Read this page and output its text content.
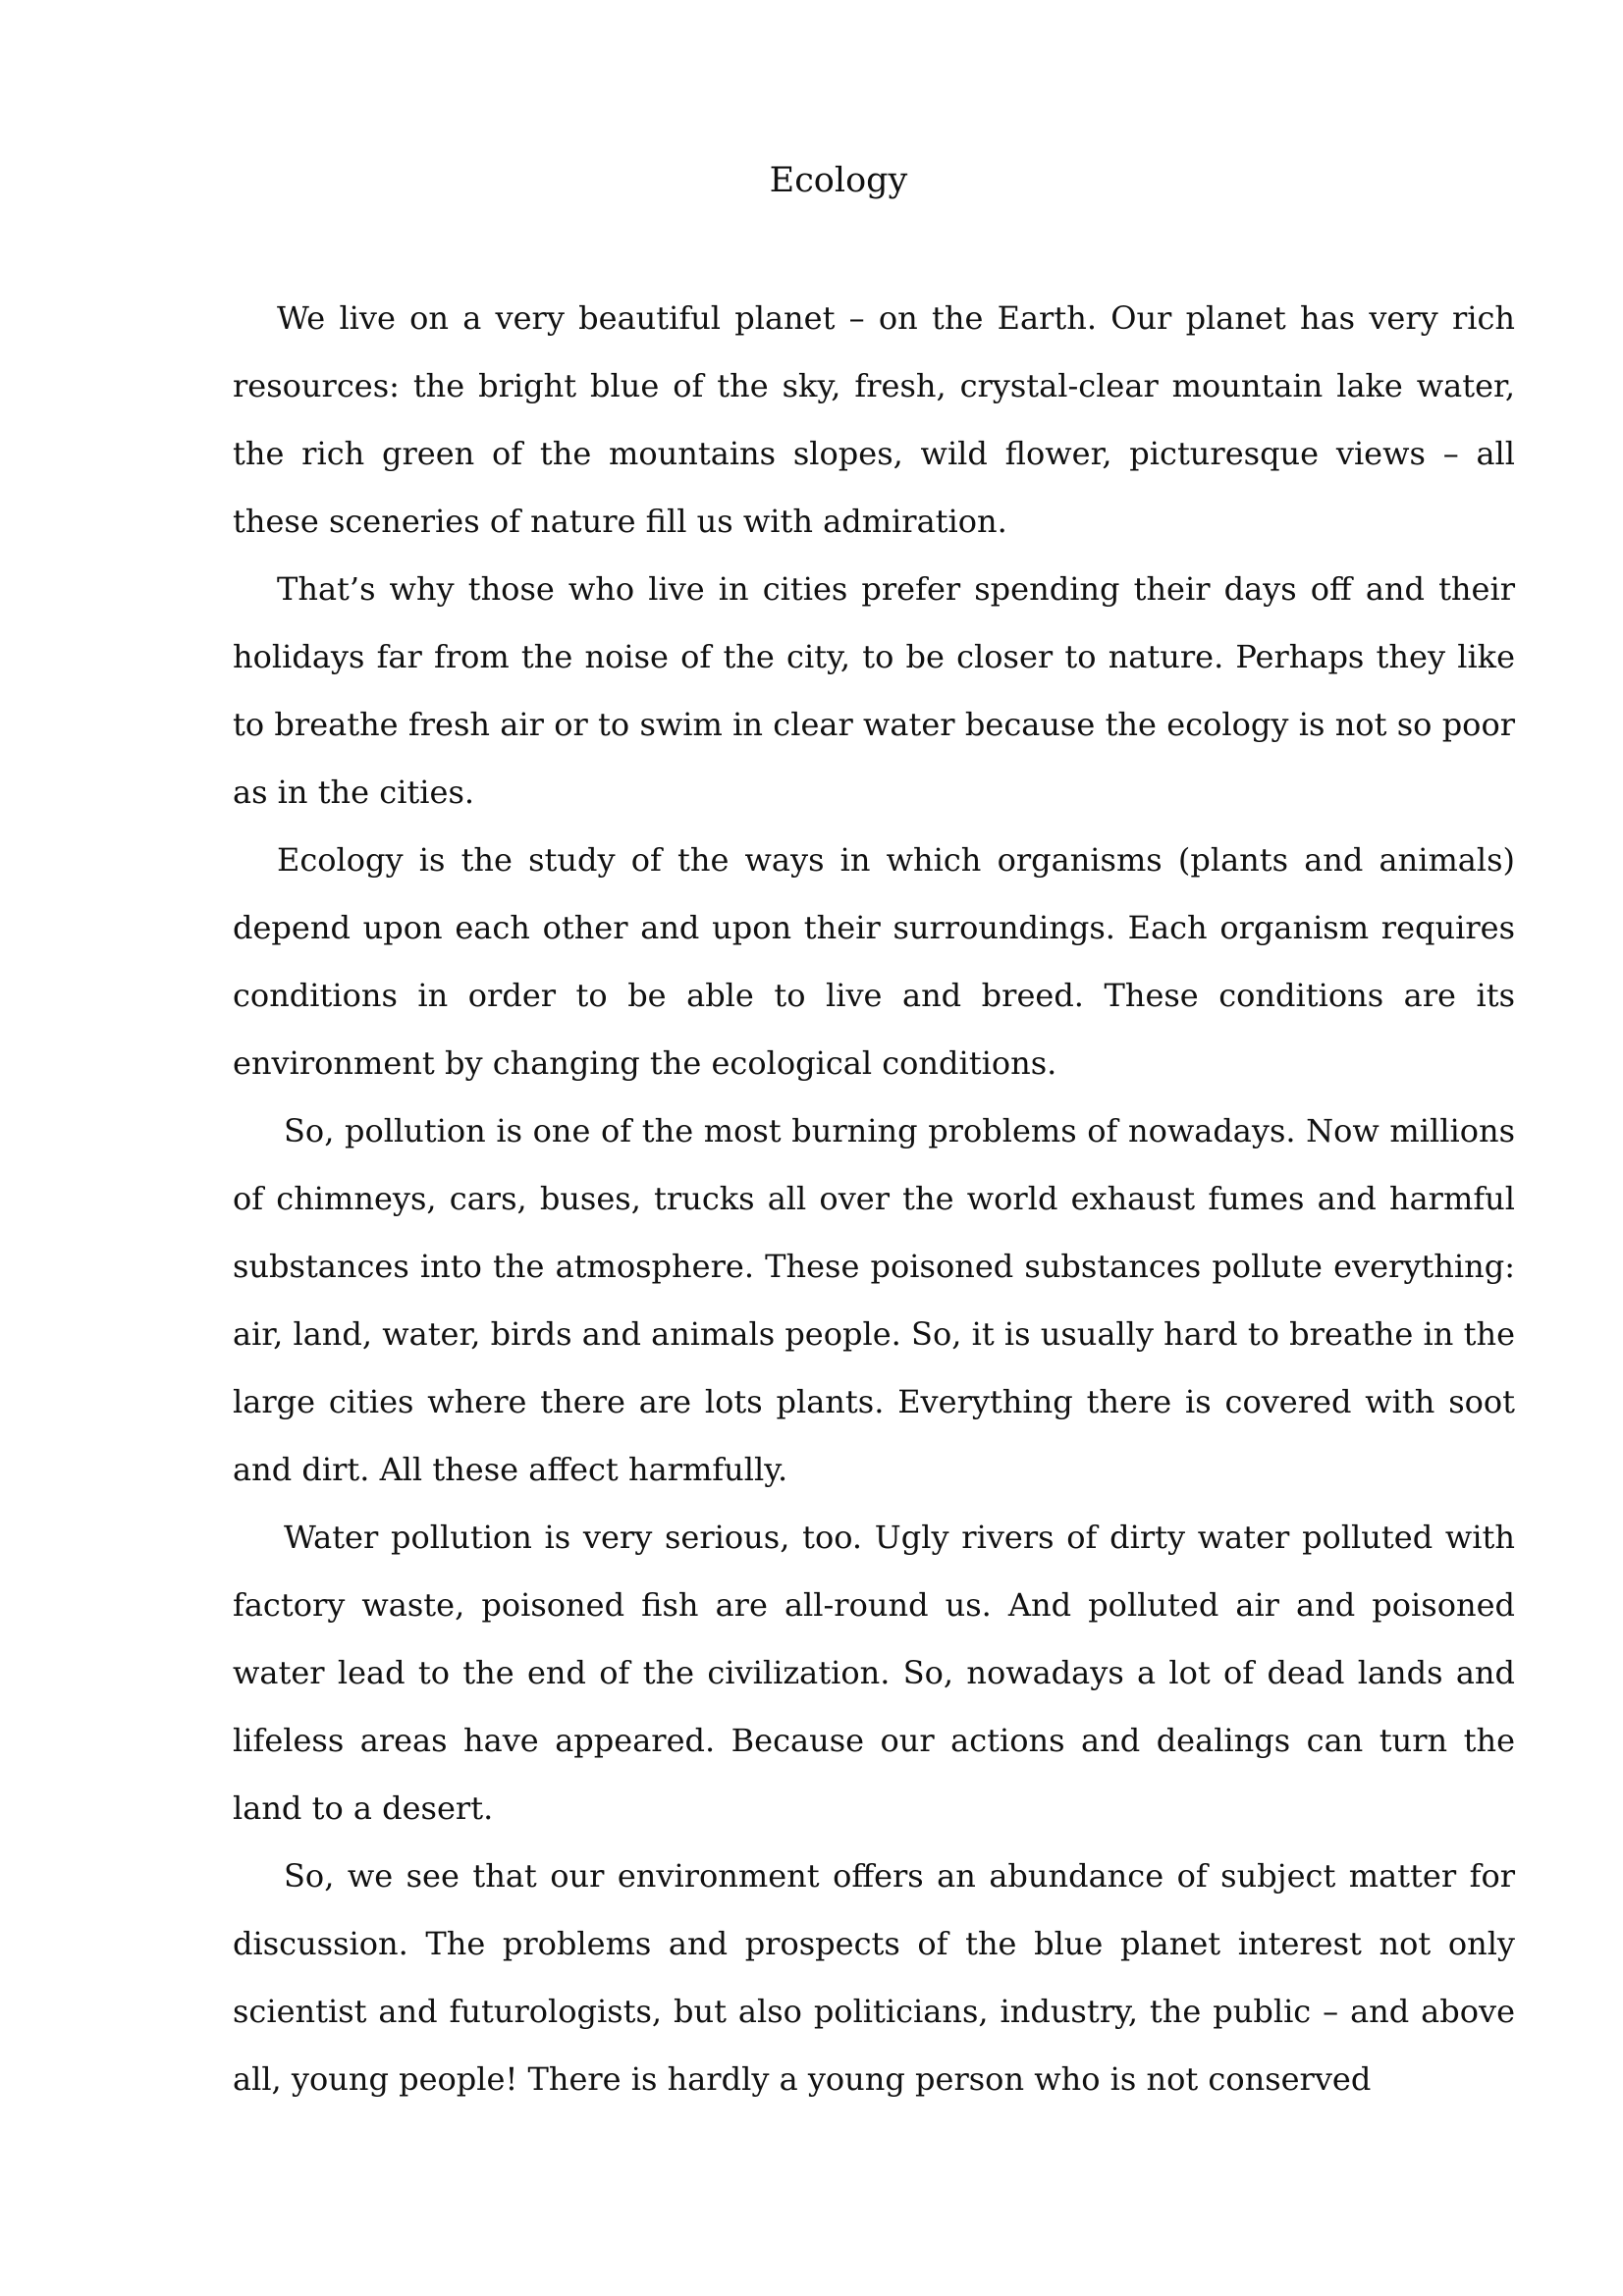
Ecology

We live on a very beautiful planet – on the Earth. Our planet has very rich resources: the bright blue of the sky, fresh, crystal-clear mountain lake water, the rich green of the mountains slopes, wild flower, picturesque views – all these sceneries of nature fill us with admiration.

That’s why those who live in cities prefer spending their days off and their holidays far from the noise of the city, to be closer to nature. Perhaps they like to breathe fresh air or to swim in clear water because the ecology is not so poor as in the cities.

Ecology is the study of the ways in which organisms (plants and animals) depend upon each other and upon their surroundings. Each organism requires conditions in order to be able to live and breed. These conditions are its environment by changing the ecological conditions.

So, pollution is one of the most burning problems of nowadays. Now millions of chimneys, cars, buses, trucks all over the world exhaust fumes and harmful substances into the atmosphere. These poisoned substances pollute everything: air, land, water, birds and animals people. So, it is usually hard to breathe in the large cities where there are lots plants. Everything there is covered with soot and dirt. All these affect harmfully.

Water pollution is very serious, too. Ugly rivers of dirty water polluted with factory waste, poisoned fish are all-round us. And polluted air and poisoned water lead to the end of the civilization. So, nowadays a lot of dead lands and lifeless areas have appeared. Because our actions and dealings can turn the land to a desert.

So, we see that our environment offers an abundance of subject matter for discussion. The problems and prospects of the blue planet interest not only scientist and futurologists, but also politicians, industry, the public – and above all, young people! There is hardly a young person who is not conserved
